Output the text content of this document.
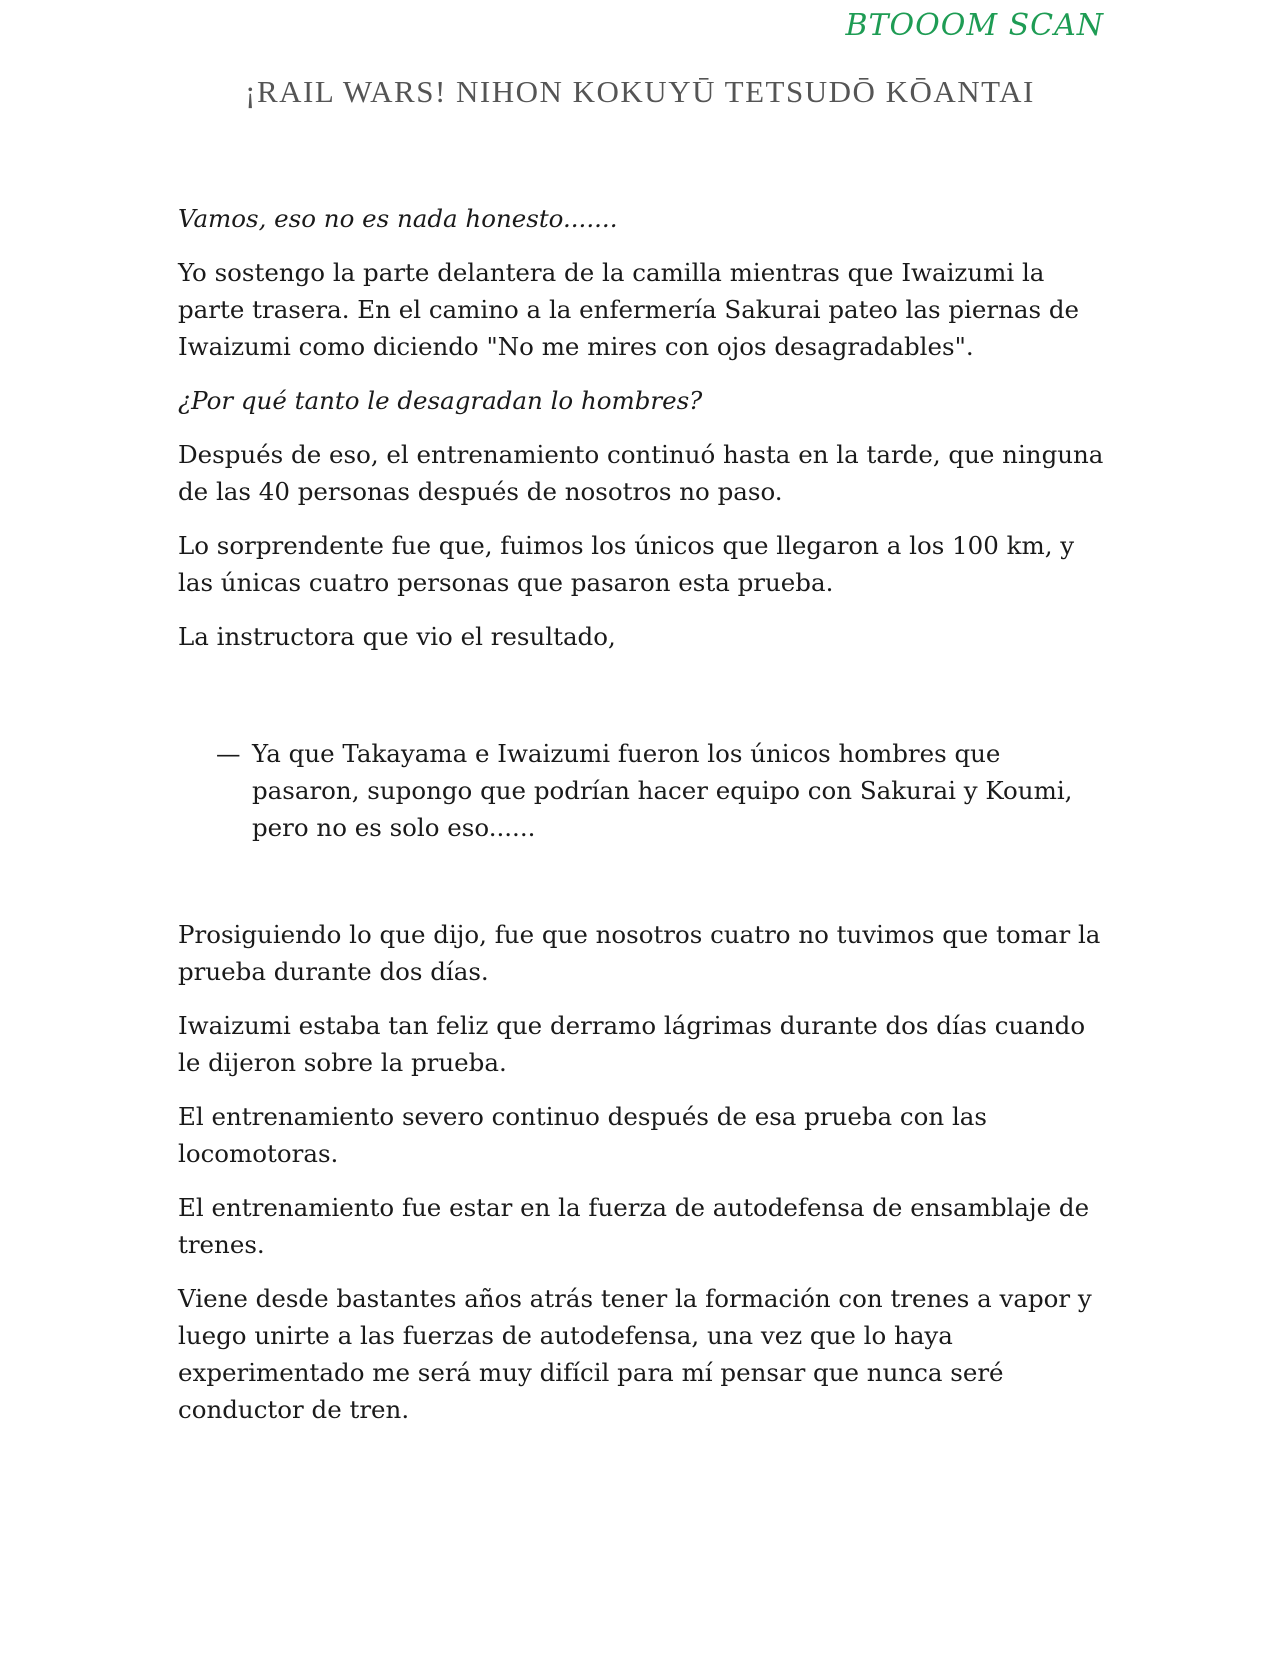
BTOOOM SCAN
¡RAIL WARS! NIHON KOKUYŪ TETSUDŌ KŌANTAI

Vamos, eso no es nada honesto.......

Yo sostengo la parte delantera de la camilla mientras que Iwaizumi la parte trasera. En el camino a la enfermería Sakurai pateo las piernas de Iwaizumi como diciendo "No me mires con ojos desagradables".

¿Por qué tanto le desagradan lo hombres?

Después de eso, el entrenamiento continuó hasta en la tarde, que ninguna de las 40 personas después de nosotros no paso.

Lo sorprendente fue que, fuimos los únicos que llegaron a los 100 km, y las únicas cuatro personas que pasaron esta prueba.

La instructora que vio el resultado,

— Ya que Takayama e Iwaizumi fueron los únicos hombres que pasaron, supongo que podrían hacer equipo con Sakurai y Koumi, pero no es solo eso......

Prosiguiendo lo que dijo, fue que nosotros cuatro no tuvimos que tomar la prueba durante dos días.

Iwaizumi estaba tan feliz que derramo lágrimas durante dos días cuando le dijeron sobre la prueba.

El entrenamiento severo continuo después de esa prueba con las locomotoras.

El entrenamiento fue estar en la fuerza de autodefensa de ensamblaje de trenes.

Viene desde bastantes años atrás tener la formación con trenes a vapor y luego unirte a las fuerzas de autodefensa, una vez que lo haya experimentado me será muy difícil para mí pensar que nunca seré conductor de tren.
